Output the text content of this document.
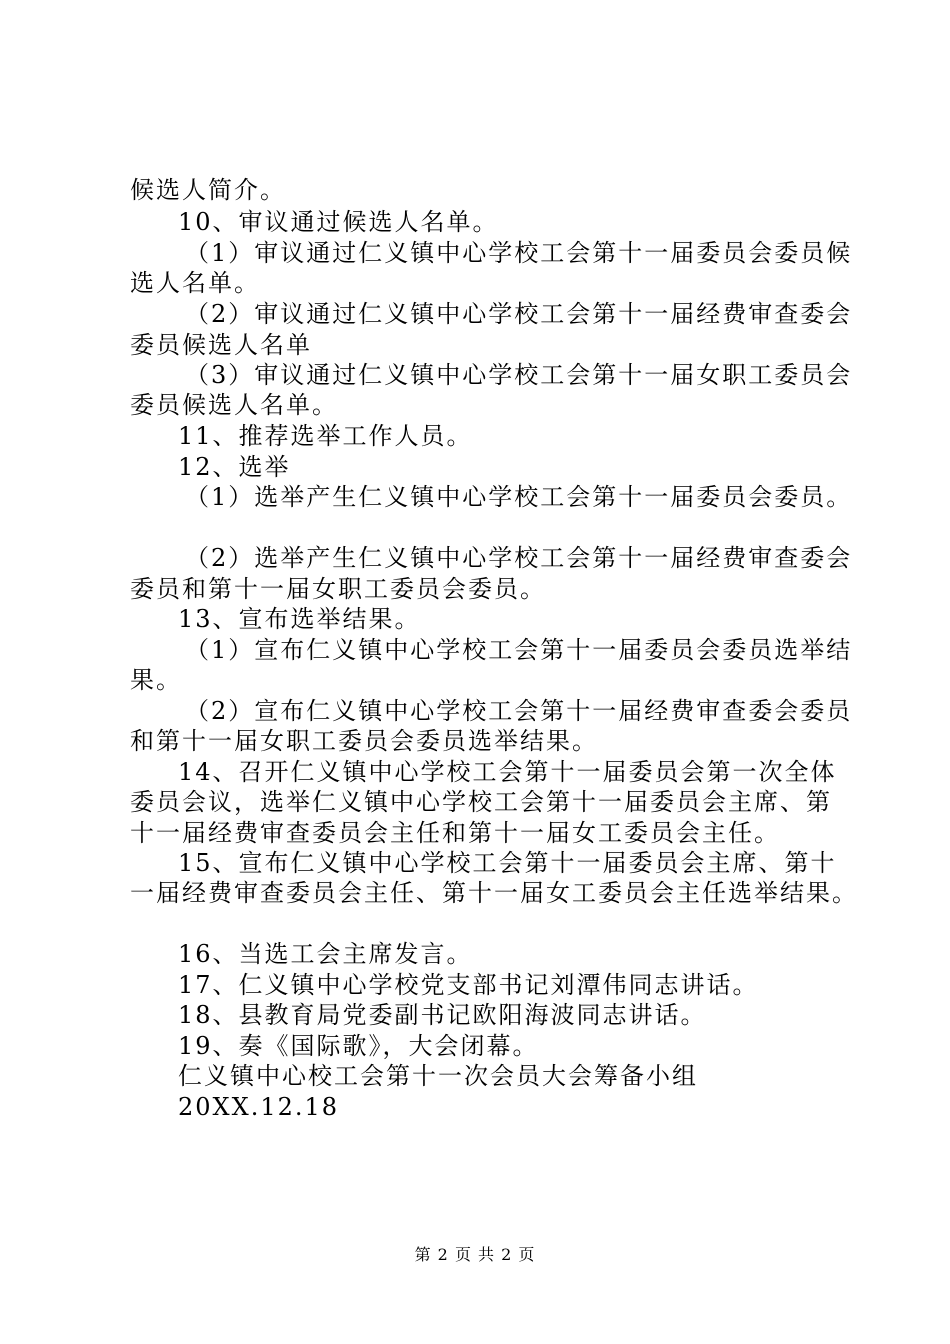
候选人简介。
10、审议通过候选人名单。
（1）审议通过仁义镇中心学校工会第十一届委员会委员候
选人名单。
（2）审议通过仁义镇中心学校工会第十一届经费审查委会
委员候选人名单
（3）审议通过仁义镇中心学校工会第十一届女职工委员会
委员候选人名单。
11、推荐选举工作人员。
12、选举
（1）选举产生仁义镇中心学校工会第十一届委员会委员。
（2）选举产生仁义镇中心学校工会第十一届经费审查委会
委员和第十一届女职工委员会委员。
13、宣布选举结果。
（1）宣布仁义镇中心学校工会第十一届委员会委员选举结
果。
（2）宣布仁义镇中心学校工会第十一届经费审查委会委员
和第十一届女职工委员会委员选举结果。
14、召开仁义镇中心学校工会第十一届委员会第一次全体
委员会议，选举仁义镇中心学校工会第十一届委员会主席、第
十一届经费审查委员会主任和第十一届女工委员会主任。
15、宣布仁义镇中心学校工会第十一届委员会主席、第十
一届经费审查委员会主任、第十一届女工委员会主任选举结果。
16、当选工会主席发言。
17、仁义镇中心学校党支部书记刘潭伟同志讲话。
18、县教育局党委副书记欧阳海波同志讲话。
19、奏《国际歌》，大会闭幕。
仁义镇中心校工会第十一次会员大会筹备小组
20XX.12.18
第 2 页 共 2 页
